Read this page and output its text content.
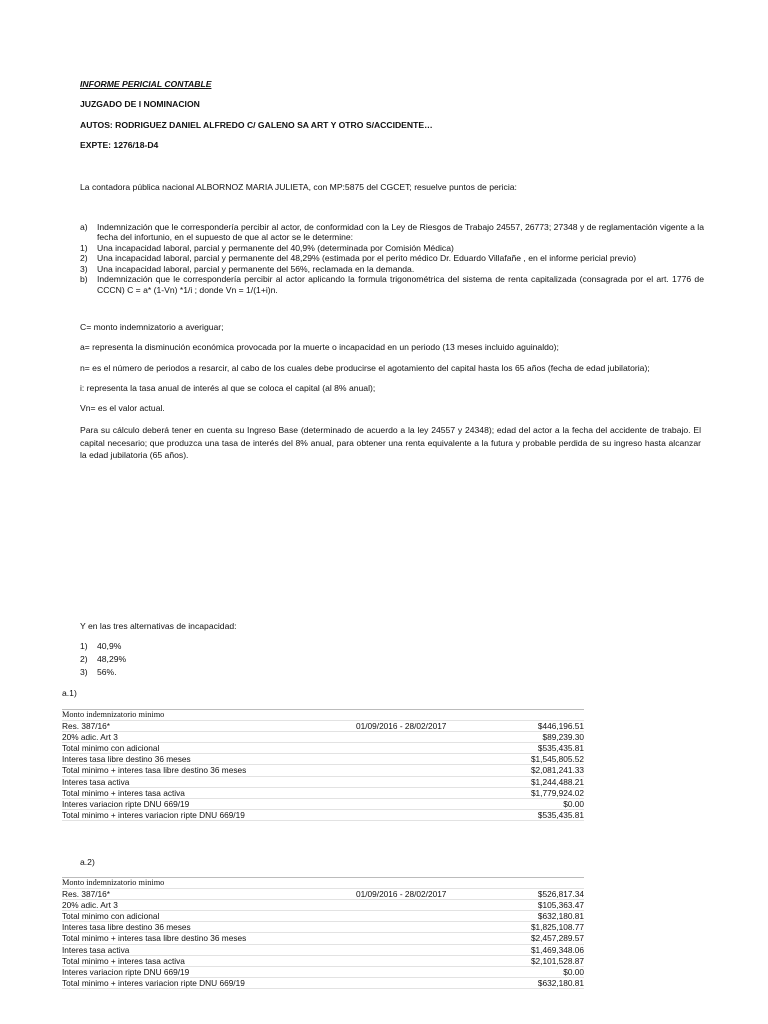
INFORME PERICIAL CONTABLE
JUZGADO DE I NOMINACION
AUTOS: RODRIGUEZ DANIEL ALFREDO C/ GALENO SA ART Y OTRO S/ACCIDENTE…
EXPTE: 1276/18-D4
La contadora pública nacional ALBORNOZ MARIA JULIETA, con MP:5875 del CGCET; resuelve puntos de pericia:
a)	Indemnización que le correspondería percibir al actor, de conformidad con la Ley de Riesgos de Trabajo 24557, 26773; 27348 y de reglamentación vigente a la fecha del infortunio, en el supuesto de que al actor se le determine:
1)	Una incapacidad laboral, parcial y permanente del 40,9% (determinada por Comisión Médica)
2)	Una incapacidad laboral, parcial y permanente del 48,29% (estimada por el perito médico Dr. Eduardo Villafañe , en el informe pericial previo)
3)	Una incapacidad laboral, parcial y permanente del 56%, reclamada en la demanda.
b)	Indemnización que le correspondería percibir al actor aplicando la formula trigonométrica del sistema de renta capitalizada (consagrada por el art. 1776 de CCCN) C = a* (1-Vn) *1/i ; donde Vn = 1/(1+i)n.
C= monto indemnizatorio a averiguar;
a= representa la disminución económica provocada por la muerte o incapacidad en un periodo (13 meses incluido aguinaldo);
n= es el número de periodos a resarcir, al cabo de los cuales debe producirse el agotamiento del capital hasta los 65 años (fecha de edad jubilatoria);
i: representa la tasa anual de interés al que se coloca el capital (al 8% anual);
Vn= es el valor actual.
Para su cálculo deberá tener en cuenta su Ingreso Base (determinado de acuerdo a la ley 24557 y 24348); edad del actor a la fecha del accidente de trabajo. El capital necesario; que produzca una tasa de interés del 8% anual, para obtener una renta equivalente a la futura y probable perdida de su ingreso hasta alcanzar la edad jubilatoria (65 años).
Y en las tres alternativas de incapacidad:
1)	40,9%
2)	48,29%
3)	56%.
a.1)
Monto indemnizatorio minimo		
Res. 387/16*	01/09/2016 - 28/02/2017	$446,196.51
20% adic. Art 3		$89,239.30
Total minimo con adicional		$535,435.81
Interes tasa libre destino 36 meses		$1,545,805.52
Total minimo + interes tasa libre destino 36 meses		$2,081,241.33
Interes tasa activa		$1,244,488.21
Total minimo + interes tasa activa		$1,779,924.02
Interes variacion ripte DNU 669/19		$0.00
Total minimo + interes variacion ripte DNU 669/19		$535,435.81
a.2)
Monto indemnizatorio minimo		
Res. 387/16*	01/09/2016 - 28/02/2017	$526,817.34
20% adic. Art 3		$105,363.47
Total minimo con adicional		$632,180.81
Interes tasa libre destino 36 meses		$1,825,108.77
Total minimo + interes tasa libre destino 36 meses		$2,457,289.57
Interes tasa activa		$1,469,348.06
Total minimo + interes tasa activa		$2,101,528.87
Interes variacion ripte DNU 669/19		$0.00
Total minimo + interes variacion ripte DNU 669/19		$632,180.81
